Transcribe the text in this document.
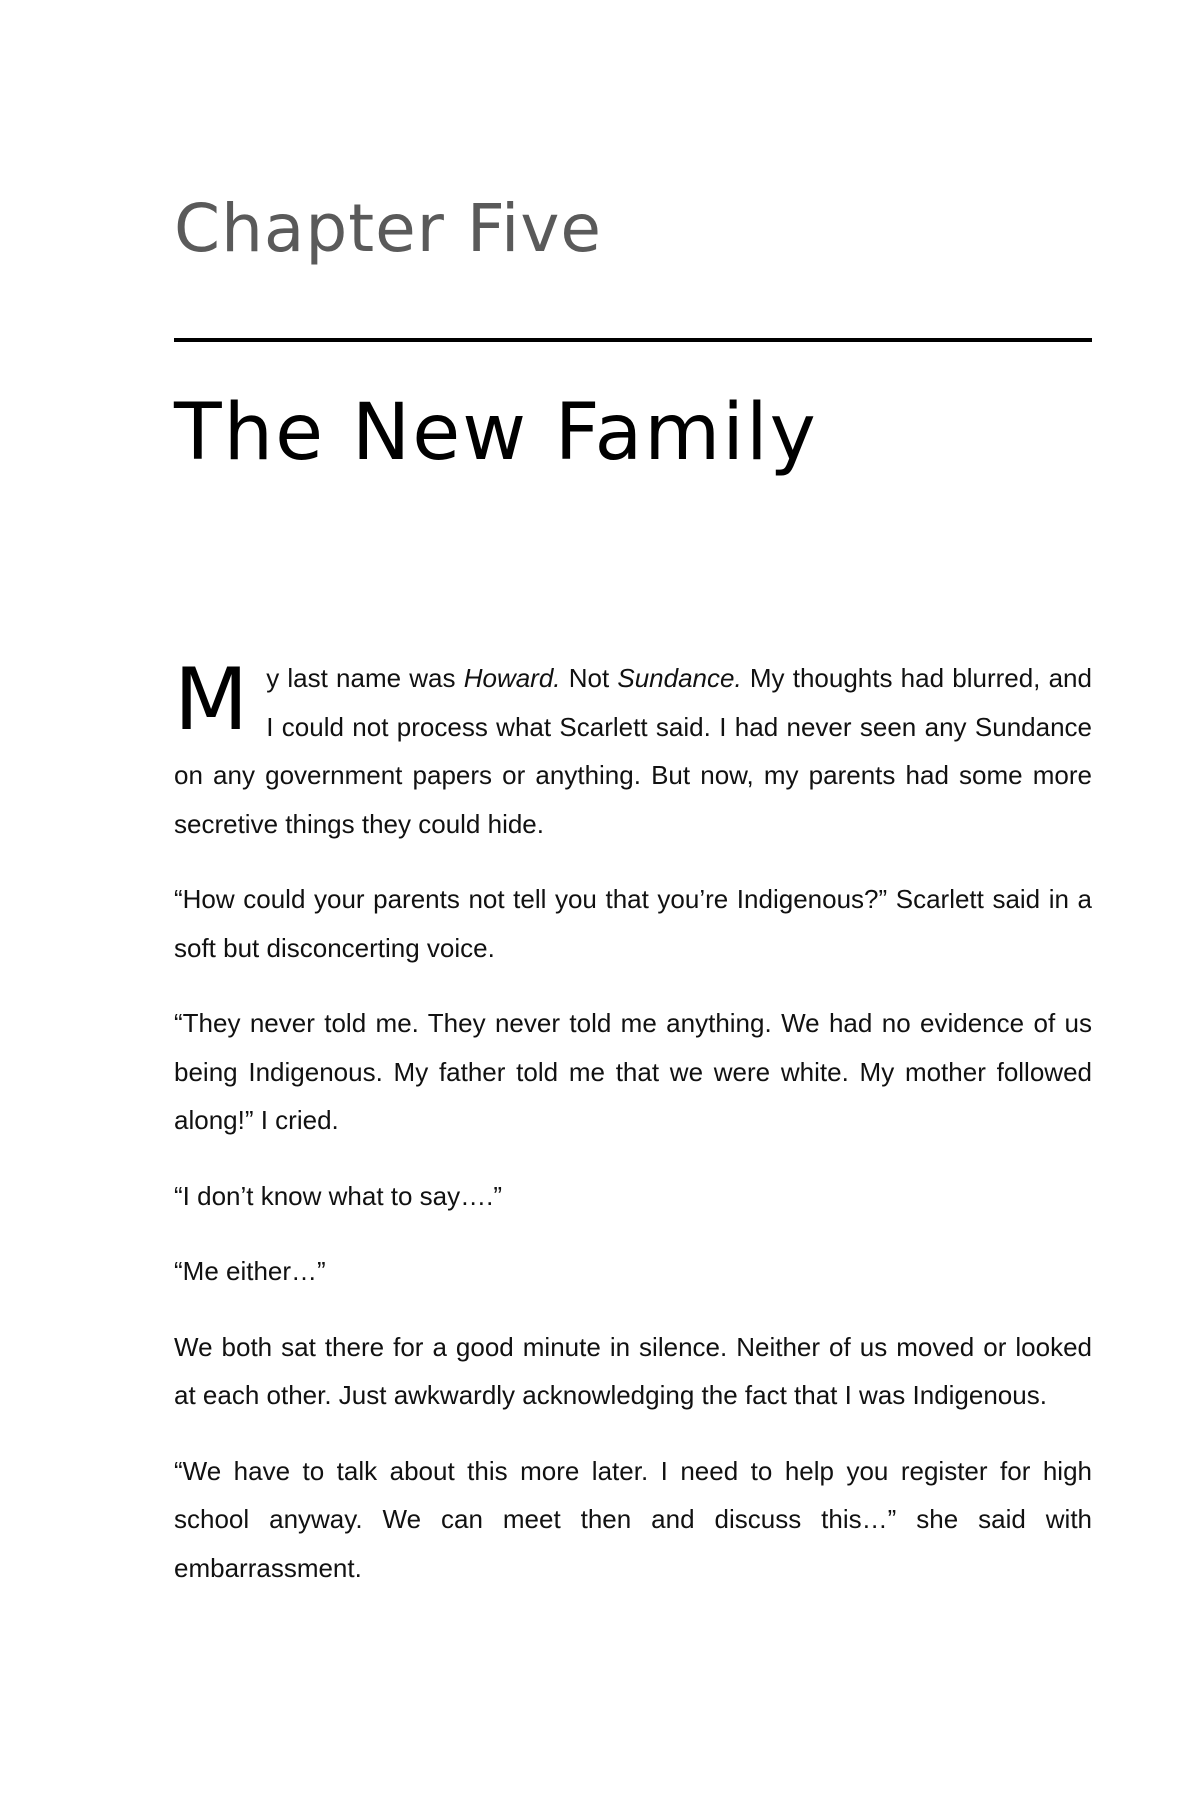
Chapter Five
The New Family

My last name was Howard. Not Sundance. My thoughts had blurred, and I could not process what Scarlett said. I had never seen any Sundance on any government papers or anything. But now, my parents had some more secretive things they could hide.

“How could your parents not tell you that you’re Indigenous?” Scarlett said in a soft but disconcerting voice.

“They never told me. They never told me anything. We had no evidence of us being Indigenous. My father told me that we were white. My mother followed along!” I cried.

“I don’t know what to say….”

“Me either…”

We both sat there for a good minute in silence. Neither of us moved or looked at each other. Just awkwardly acknowledging the fact that I was Indigenous.

“We have to talk about this more later. I need to help you register for high school anyway. We can meet then and discuss this…” she said with embarrassment.
